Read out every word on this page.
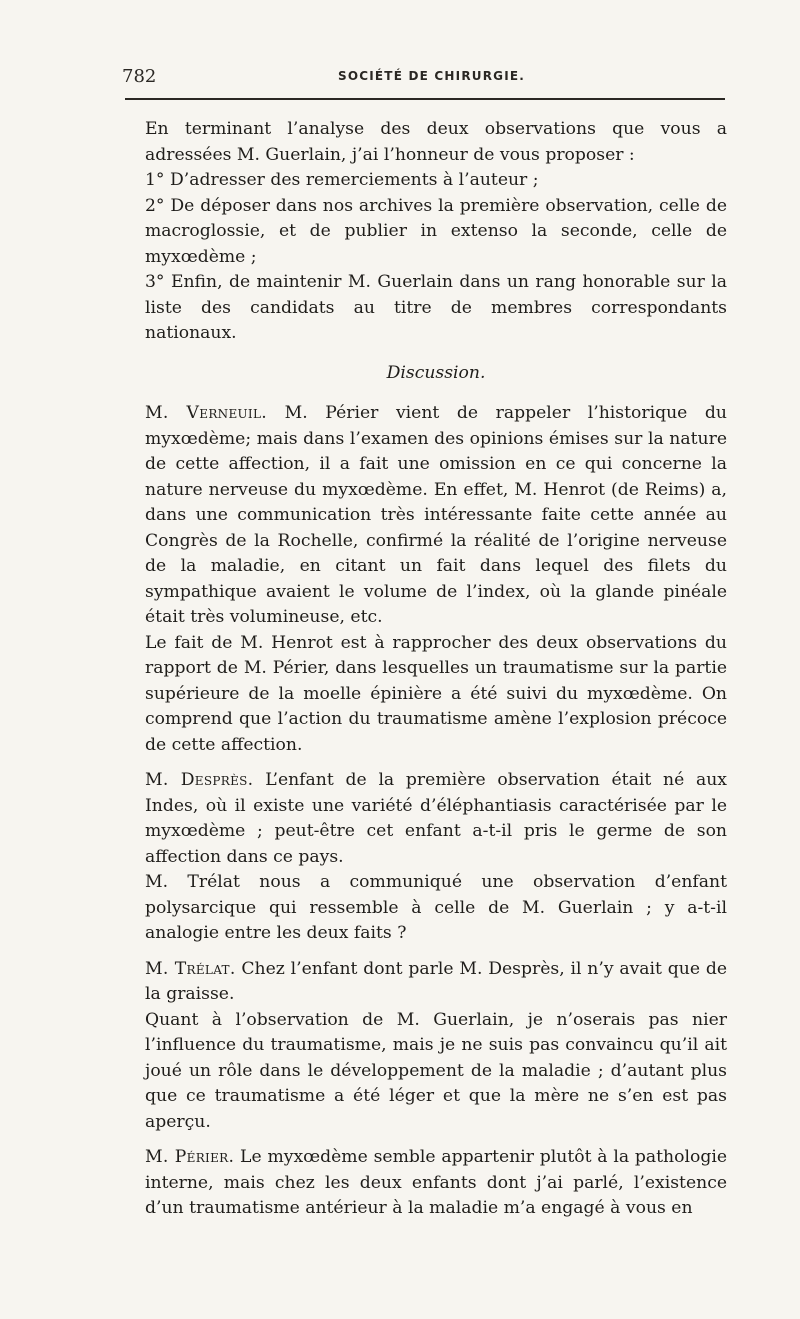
782	SOCIÉTÉ DE CHIRURGIE.

En terminant l’analyse des deux observations que vous a adressées M. Guerlain, j’ai l’honneur de vous proposer :

1° D’adresser des remerciements à l’auteur ;
2° De déposer dans nos archives la première observation, celle de macroglossie, et de publier in extenso la seconde, celle de myxœdème ;
3° Enfin, de maintenir M. Guerlain dans un rang honorable sur la liste des candidats au titre de membres correspondants nationaux.
Discussion.

M. Verneuil. M. Périer vient de rappeler l’historique du myxœdème; mais dans l’examen des opinions émises sur la nature de cette affection, il a fait une omission en ce qui concerne la nature nerveuse du myxœdème. En effet, M. Henrot (de Reims) a, dans une communication très intéressante faite cette année au Congrès de la Rochelle, confirmé la réalité de l’origine nerveuse de la maladie, en citant un fait dans lequel des filets du sympathique avaient le volume de l’index, où la glande pinéale était très volumineuse, etc.

Le fait de M. Henrot est à rapprocher des deux observations du rapport de M. Périer, dans lesquelles un traumatisme sur la partie supérieure de la moelle épinière a été suivi du myxœdème. On comprend que l’action du traumatisme amène l’explosion précoce de cette affection.

M. Desprès. L’enfant de la première observation était né aux Indes, où il existe une variété d’éléphantiasis caractérisée par le myxœdème ; peut-être cet enfant a-t-il pris le germe de son affection dans ce pays.

M. Trélat nous a communiqué une observation d’enfant polysarcique qui ressemble à celle de M. Guerlain ; y a-t-il analogie entre les deux faits ?

M. Trélat. Chez l’enfant dont parle M. Desprès, il n’y avait que de la graisse.

Quant à l’observation de M. Guerlain, je n’oserais pas nier l’influence du traumatisme, mais je ne suis pas convaincu qu’il ait joué un rôle dans le développement de la maladie ; d’autant plus que ce traumatisme a été léger et que la mère ne s’en est pas aperçu.

M. Périer. Le myxœdème semble appartenir plutôt à la pathologie interne, mais chez les deux enfants dont j’ai parlé, l’existence d’un traumatisme antérieur à la maladie m’a engagé à vous en
